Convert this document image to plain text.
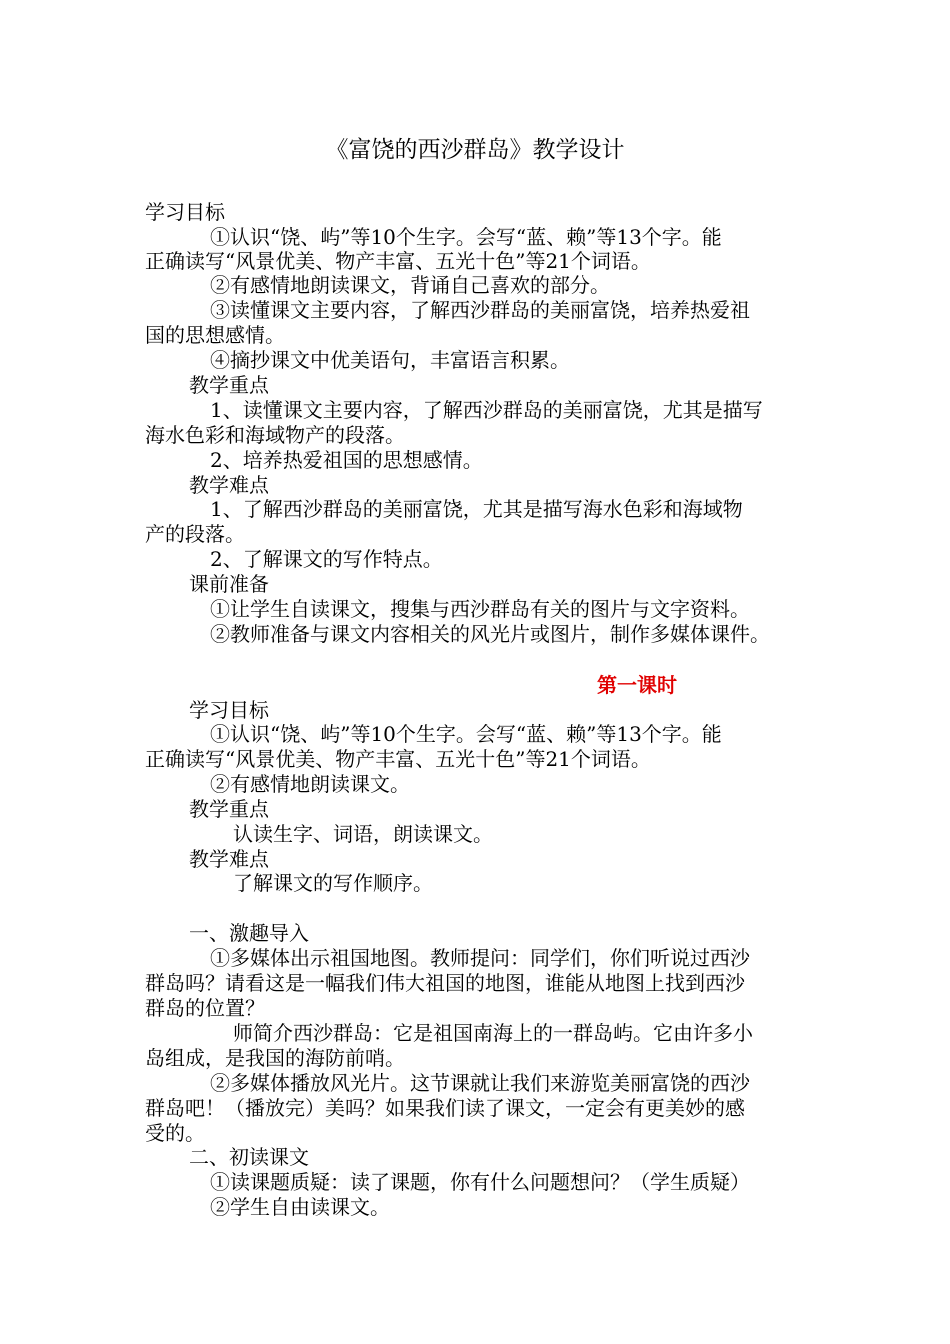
《富饶的西沙群岛》教学设计
学习目标
①认识“饶、屿”等10个生字。会写“蓝、赖”等13个字。能
正确读写“风景优美、物产丰富、五光十色”等21个词语。
②有感情地朗读课文，背诵自己喜欢的部分。
③读懂课文主要内容，了解西沙群岛的美丽富饶，培养热爱祖
国的思想感情。
④摘抄课文中优美语句，丰富语言积累。
教学重点
1、读懂课文主要内容，了解西沙群岛的美丽富饶，尤其是描写
海水色彩和海域物产的段落。
2、培养热爱祖国的思想感情。
教学难点
1、了解西沙群岛的美丽富饶，尤其是描写海水色彩和海域物
产的段落。
2、了解课文的写作特点。
课前准备
①让学生自读课文，搜集与西沙群岛有关的图片与文字资料。
②教师准备与课文内容相关的风光片或图片，制作多媒体课件。
第一课时
学习目标
①认识“饶、屿”等10个生字。会写“蓝、赖”等13个字。能
正确读写“风景优美、物产丰富、五光十色”等21个词语。
②有感情地朗读课文。
教学重点
认读生字、词语，朗读课文。
教学难点
了解课文的写作顺序。
一、激趣导入
①多媒体出示祖国地图。教师提问：同学们，你们听说过西沙
群岛吗？请看这是一幅我们伟大祖国的地图，谁能从地图上找到西沙
群岛的位置？
师简介西沙群岛：它是祖国南海上的一群岛屿。它由许多小
岛组成，是我国的海防前哨。
②多媒体播放风光片。这节课就让我们来游览美丽富饶的西沙
群岛吧！（播放完）美吗？如果我们读了课文，一定会有更美妙的感
受的。
二、初读课文
①读课题质疑：读了课题，你有什么问题想问？（学生质疑）
②学生自由读课文。
